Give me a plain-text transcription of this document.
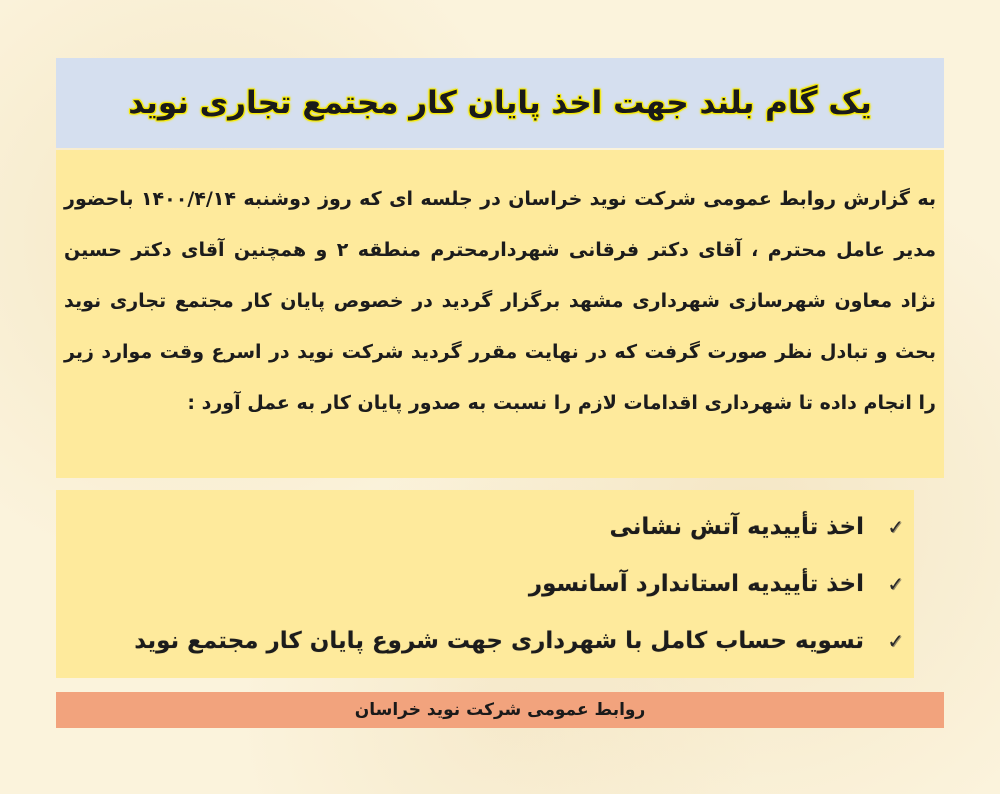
یک گام بلند جهت اخذ پایان کار مجتمع تجاری نوید

به گزارش روابط عمومی شرکت نوید خراسان در جلسه ای که روز دوشنبه ۱۴۰۰/۴/۱۴ باحضور مدیر عامل محترم ، آقای دکتر فرقانی شهردارمحترم منطقه ۲ و همچنین آقای دکتر حسین نژاد معاون شهرسازی شهرداری مشهد برگزار گردید در خصوص پایان کار مجتمع تجاری نوید بحث و تبادل نظر صورت گرفت که در نهایت مقرر گردید شرکت نوید در اسرع وقت موارد زیر را انجام داده تا شهرداری اقدامات لازم را نسبت به صدور پایان کار به عمل آورد :

✓
اخذ تأییدیه آتش نشانی
✓
اخذ تأییدیه استاندارد آسانسور
✓
تسویه حساب کامل با شهرداری جهت شروع پایان کار مجتمع نوید
روابط عمومی شرکت نوید خراسان
